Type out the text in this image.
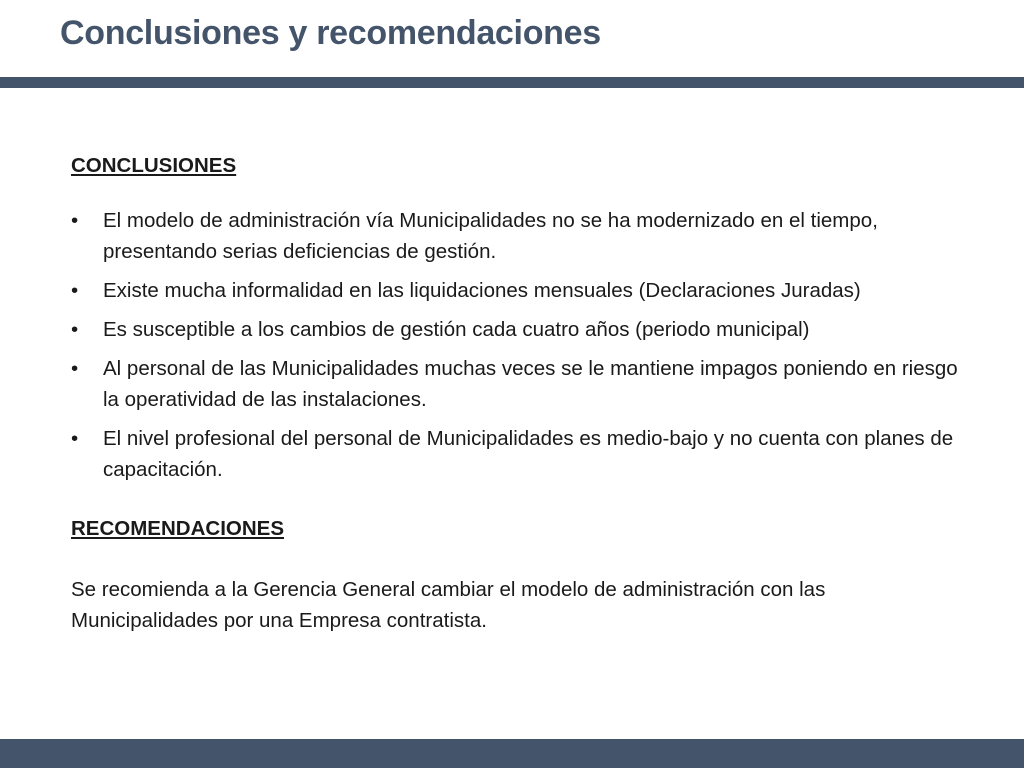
Conclusiones y recomendaciones

CONCLUSIONES

• El modelo de administración vía Municipalidades no se ha modernizado en el tiempo, presentando serias deficiencias de gestión.
• Existe mucha informalidad en las liquidaciones mensuales (Declaraciones Juradas)
• Es susceptible a los cambios de gestión cada cuatro años (periodo municipal)
• Al personal de las Municipalidades muchas veces se le mantiene impagos poniendo en riesgo la operatividad de las instalaciones.
• El nivel profesional del personal de Municipalidades es medio-bajo y no cuenta con planes de capacitación.

RECOMENDACIONES

Se recomienda a la Gerencia General cambiar el modelo de administración con las Municipalidades por una Empresa contratista.
